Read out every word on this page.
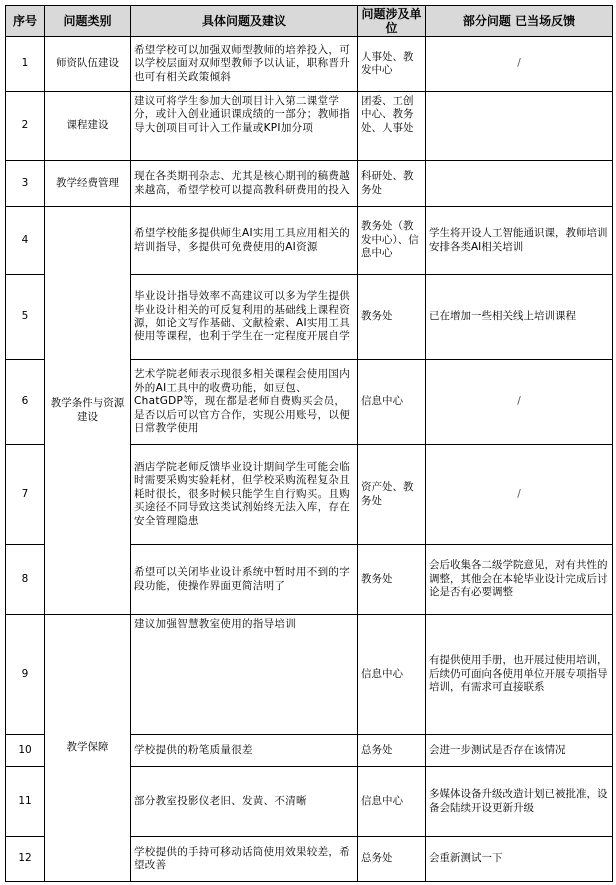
序号	问题类别	具体问题及建议	问题涉及单位	部分问题 已当场反馈
1	师资队伍建设	希望学校可以加强双师型教师的培养投入，可以学校层面对双师型教师予以认证，职称晋升也可有相关政策倾斜	人事处、教发中心	/
2	课程建设	建议可将学生参加大创项目计入第二课堂学分，或计入创业通识课成绩的一部分；教师指导大创项目可计入工作量或KPI加分项	团委、工创中心、教务处、人事处	
3	教学经费管理	现在各类期刊杂志、尤其是核心期刊的稿费越来越高，希望学校可以提高教科研费用的投入	科研处、教务处	
4	教学条件与资源建设	希望学校能多提供师生AI实用工具应用相关的培训指导，多提供可免费使用的AI资源	教务处（教发中心）、信息中心	学生将开设人工智能通识课，教师培训安排各类AI相关培训
5		毕业设计指导效率不高建议可以多为学生提供毕业设计相关的可反复利用的基础线上课程资源，如论文写作基础、文献检索、AI实用工具使用等课程，也利于学生在一定程度开展自学	教务处	已在增加一些相关线上培训课程
6		艺术学院老师表示现很多相关课程会使用国内外的AI工具中的收费功能，如豆包、ChatGDP等，现在都是老师自费购买会员，是否以后可以官方合作，实现公用账号，以便日常教学使用	信息中心	/
7		酒店学院老师反馈毕业设计期间学生可能会临时需要采购实验耗材，但学校采购流程复杂且耗时很长，很多时候只能学生自行购买。且购买途径不同导致这类试剂始终无法入库，存在安全管理隐患	资产处、教务处	/
8		希望可以关闭毕业设计系统中暂时用不到的字段功能，使操作界面更简洁明了	教务处	会后收集各二级学院意见，对有共性的调整，其他会在本轮毕业设计完成后讨论是否有必要调整
9	教学保障	建议加强智慧教室使用的指导培训	信息中心	有提供使用手册，也开展过使用培训，后续仍可面向各使用单位开展专项指导培训，有需求可直接联系
10		学校提供的粉笔质量很差	总务处	会进一步测试是否存在该情况
11		部分教室投影仪老旧、发黄、不清晰	信息中心	多媒体设备升级改造计划已被批准，设备会陆续开设更新升级
12		学校提供的手持可移动话筒使用效果较差，希望改善	总务处	会重新测试一下
